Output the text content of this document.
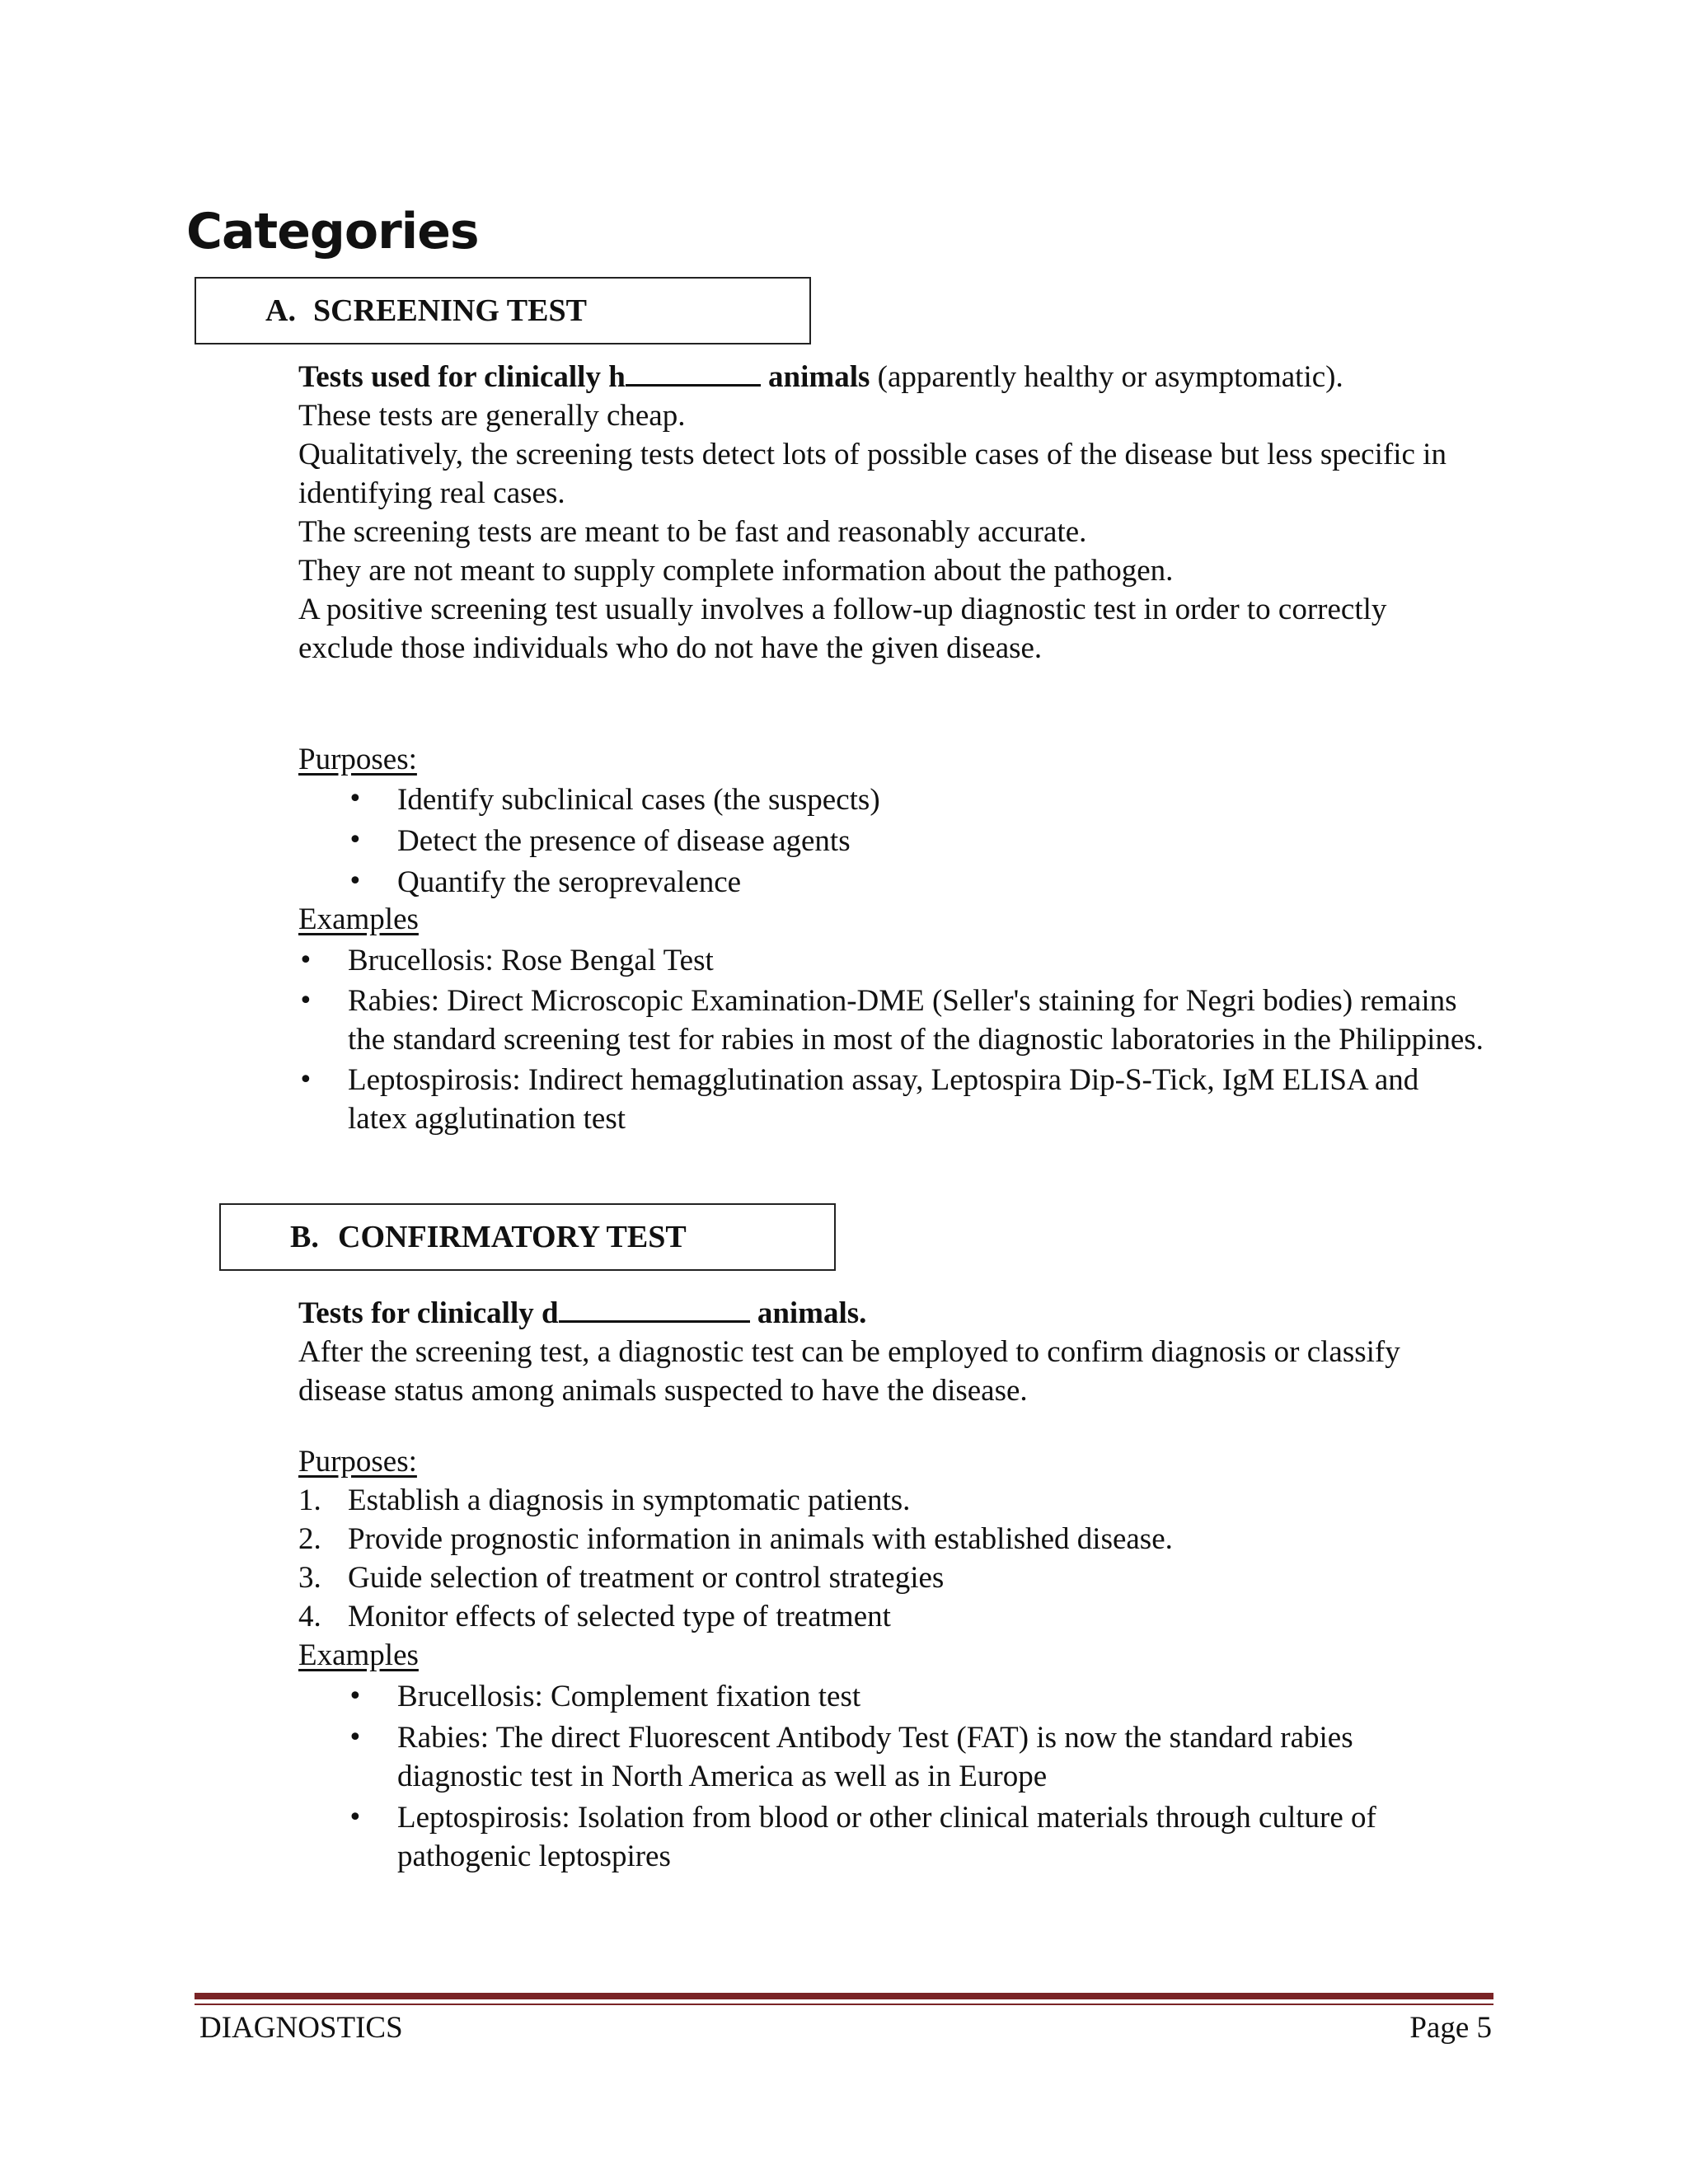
Categories
A. SCREENING TEST

Tests used for clinically h	animals (apparently healthy or asymptomatic).

These tests are generally cheap.

Qualitatively, the screening tests detect lots of possible cases of the disease but less specific in identifying real cases.

The screening tests are meant to be fast and reasonably accurate.

They are not meant to supply complete information about the pathogen.

A positive screening test usually involves a follow-up diagnostic test in order to correctly exclude those individuals who do not have the given disease.

Purposes:

• Identify subclinical cases (the suspects)
• Detect the presence of disease agents
• Quantify the seroprevalence

Examples

• Brucellosis: Rose Bengal Test
• Rabies: Direct Microscopic Examination-DME (Seller's staining for Negri bodies) remains the standard screening test for rabies in most of the diagnostic laboratories in the Philippines.
• Leptospirosis: Indirect hemagglutination assay, Leptospira Dip-S-Tick, IgM ELISA and latex agglutination test
B. CONFIRMATORY TEST

Tests for clinically d	animals.

After the screening test, a diagnostic test can be employed to confirm diagnosis or classify disease status among animals suspected to have the disease.

Purposes:

1. Establish a diagnosis in symptomatic patients.
2. Provide prognostic information in animals with established disease.
3. Guide selection of treatment or control strategies
4. Monitor effects of selected type of treatment

Examples

• Brucellosis: Complement fixation test
• Rabies: The direct Fluorescent Antibody Test (FAT) is now the standard rabies diagnostic test in North America as well as in Europe
• Leptospirosis: Isolation from blood or other clinical materials through culture of pathogenic leptospires
DIAGNOSTICS	Page 5
